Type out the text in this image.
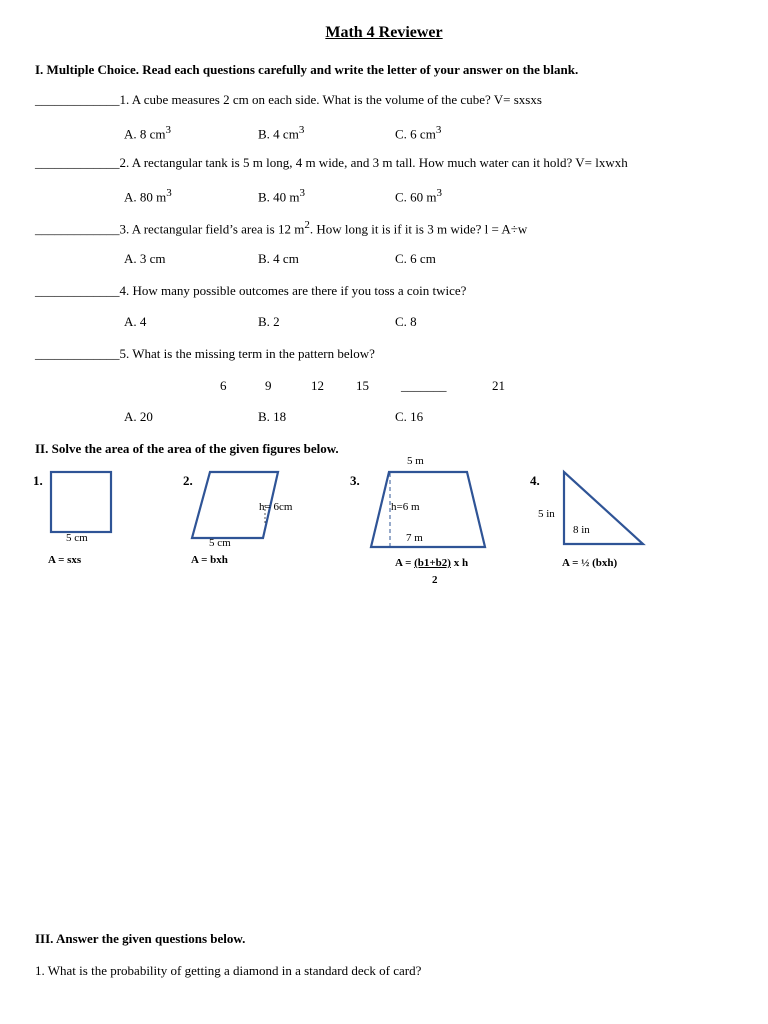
Math 4 Reviewer
I. Multiple Choice. Read each questions carefully and write the letter of your answer on the blank.
_____________1. A cube measures 2 cm on each side. What is the volume of the cube? V= sxsxs
A. 8 $cm^3$	B. 4 $cm^3$	C. 6 $cm^3$
_____________2. A rectangular tank is 5 m long, 4 m wide, and 3 m tall. How much water can it hold? V= lxwxh
A. 80 $m^3$	B. 40 $m^3$	C. 60 $m^3$
_____________3. A rectangular field’s area is 12 $m^2$. How long it is if it is 3 m wide? l = A÷w
A. 3 cm	B. 4 cm	C. 6 cm
_____________4. How many possible outcomes are there if you toss a coin twice?
A. 4	B. 2	C. 8
_____________5. What is the missing term in the pattern below?
6	9	12 15 _______	21
A. 20	B. 18	C. 16
II. Solve the area of the area of the given figures below.
1.
5 cm
A = sxs
2.
h= 6cm
5 cm
A = bxh
3.
5 m
h=6 m
7 m
A = (b1+b2) x h
2
4.
5 in
8 in
A = ½ (bxh)
III. Answer the given questions below.
1. What is the probability of getting a diamond in a standard deck of card?
